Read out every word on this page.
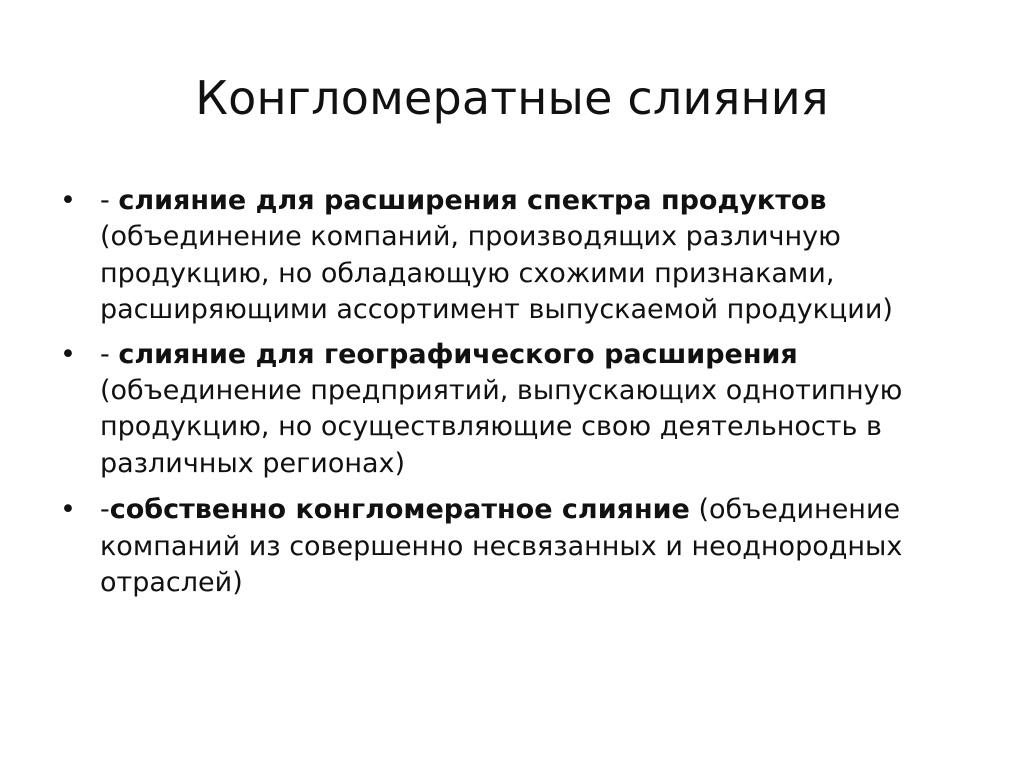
Конгломератные слияния
• - слияние для расширения спектра продуктов (объединение компаний, производящих различную продукцию, но обладающую схожими признаками, расширяющими ассортимент выпускаемой продукции)
• - слияние для географического расширения (объединение предприятий, выпускающих однотипную продукцию, но осуществляющие свою деятельность в различных регионах)
• -собственно конгломератное слияние (объединение компаний из совершенно несвязанных и неоднородных отраслей)
